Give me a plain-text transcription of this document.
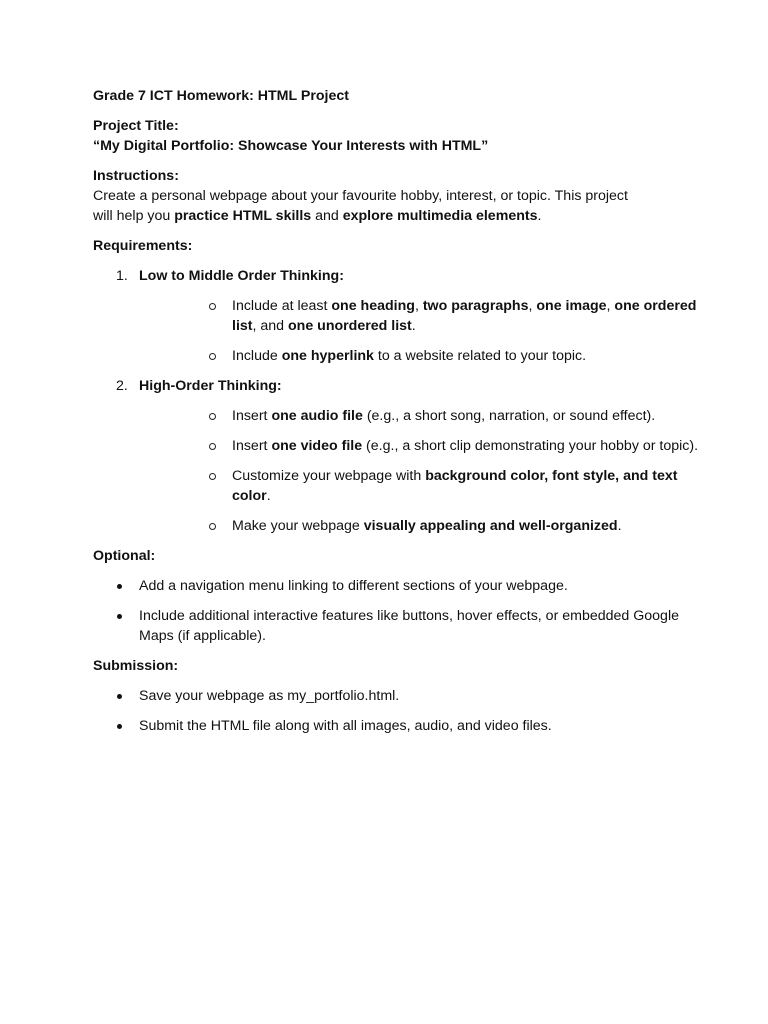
Grade 7 ICT Homework: HTML Project

Project Title:

“My Digital Portfolio: Showcase Your Interests with HTML”

Instructions:

Create a personal webpage about your favourite hobby, interest, or topic. This project

will help you practice HTML skills and explore multimedia elements.

Requirements:

1. Low to Middle Order Thinking:
Include at least one heading, two paragraphs, one image, one ordered
list, and one unordered list.
Include one hyperlink to a website related to your topic.
2. High-Order Thinking:
Insert one audio file (e.g., a short song, narration, or sound effect).
Insert one video file (e.g., a short clip demonstrating your hobby or topic).
Customize your webpage with background color, font style, and text
color.
Make your webpage visually appealing and well-organized.

Optional:

Add a navigation menu linking to different sections of your webpage.
Include additional interactive features like buttons, hover effects, or embedded Google Maps (if applicable).

Submission:

Save your webpage as my_portfolio.html.
Submit the HTML file along with all images, audio, and video files.
